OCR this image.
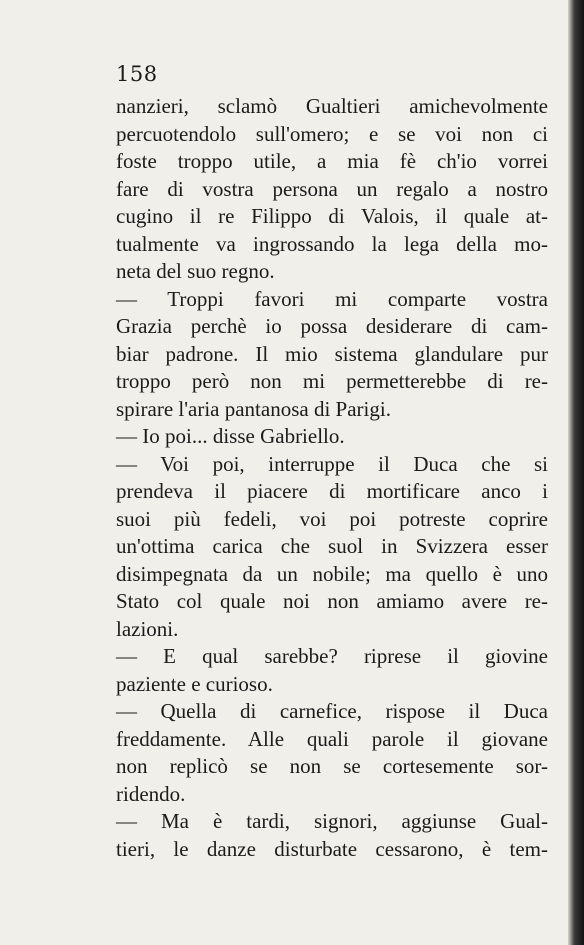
158
nanzieri, sclamò Gualtieri amichevolmente
percuotendolo sull'omero; e se voi non ci
foste troppo utile, a mia fè ch'io vorrei
fare di vostra persona un regalo a nostro
cugino il re Filippo di Valois, il quale at-
tualmente va ingrossando la lega della mo-
neta del suo regno.
— Troppi favori mi comparte vostra
Grazia perchè io possa desiderare di cam-
biar padrone. Il mio sistema glandulare pur
troppo però non mi permetterebbe di re-
spirare l'aria pantanosa di Parigi.
— Io poi... disse Gabriello.
— Voi poi, interruppe il Duca che si
prendeva il piacere di mortificare anco i
suoi più fedeli, voi poi potreste coprire
un'ottima carica che suol in Svizzera esser
disimpegnata da un nobile; ma quello è uno
Stato col quale noi non amiamo avere re-
lazioni.
— E qual sarebbe? riprese il giovine
paziente e curioso.
— Quella di carnefice, rispose il Duca
freddamente. Alle quali parole il giovane
non replicò se non se cortesemente sor-
ridendo.
— Ma è tardi, signori, aggiunse Gual-
tieri, le danze disturbate cessarono, è tem-
